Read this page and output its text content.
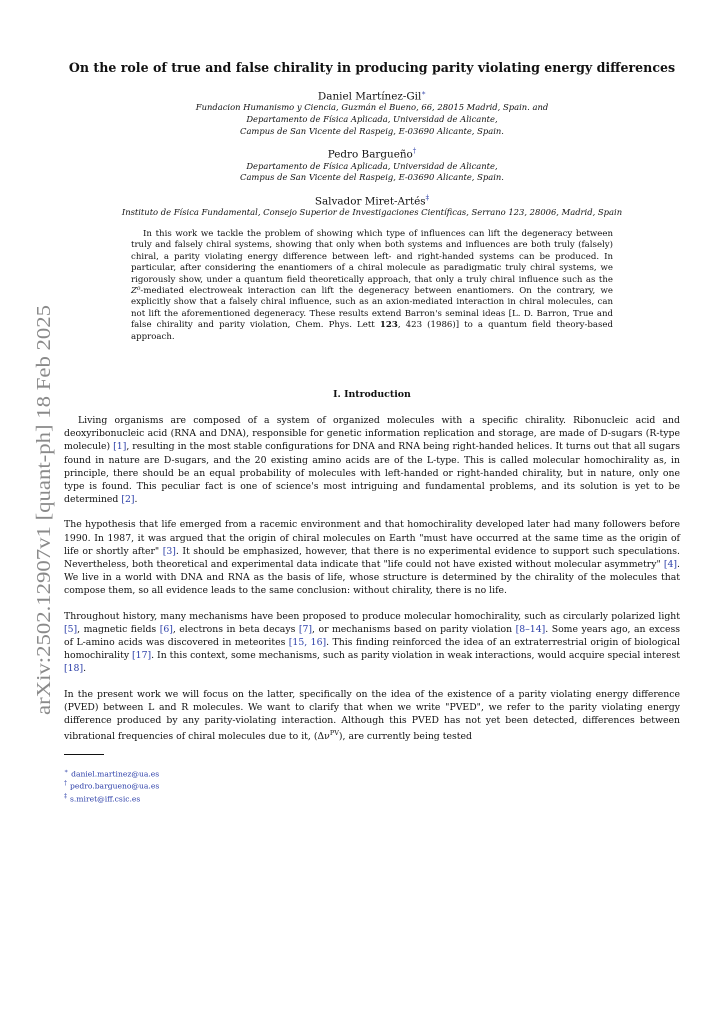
arXiv:2502.12907v1 [quant-ph] 18 Feb 2025
On the role of true and false chirality in producing parity violating energy differences
Daniel Martínez-Gil∗
Fundacion Humanismo y Ciencia, Guzmán el Bueno, 66, 28015 Madrid, Spain. and
Departamento de Física Aplicada, Universidad de Alicante,
Campus de San Vicente del Raspeig, E-03690 Alicante, Spain.
Pedro Bargueño†
Departamento de Física Aplicada, Universidad de Alicante,
Campus de San Vicente del Raspeig, E-03690 Alicante, Spain.
Salvador Miret-Artés‡
Instituto de Física Fundamental, Consejo Superior de Investigaciones Científicas, Serrano 123, 28006, Madrid, Spain
In this work we tackle the problem of showing which type of influences can lift the degeneracy between truly and falsely chiral systems, showing that only when both systems and influences are both truly (falsely) chiral, a parity violating energy difference between left- and right-handed systems can be produced. In particular, after considering the enantiomers of a chiral molecule as paradigmatic truly chiral systems, we rigorously show, under a quantum field theoretically approach, that only a truly chiral influence such as the Z⁰-mediated electroweak interaction can lift the degeneracy between enantiomers. On the contrary, we explicitly show that a falsely chiral influence, such as an axion-mediated interaction in chiral molecules, can not lift the aforementioned degeneracy. These results extend Barron's seminal ideas [L. D. Barron, True and false chirality and parity violation, Chem. Phys. Lett 123, 423 (1986)] to a quantum field theory-based approach.
I. Introduction

Living organisms are composed of a system of organized molecules with a specific chirality. Ribonucleic acid and deoxyribonucleic acid (RNA and DNA), responsible for genetic information replication and storage, are made of D-sugars (R-type molecule) [1], resulting in the most stable configurations for DNA and RNA being right-handed helices. It turns out that all sugars found in nature are D-sugars, and the 20 existing amino acids are of the L-type. This is called molecular homochirality as, in principle, there should be an equal probability of molecules with left-handed or right-handed chirality, but in nature, only one type is found. This peculiar fact is one of science's most intriguing and fundamental problems, and its solution is yet to be determined [2].

The hypothesis that life emerged from a racemic environment and that homochirality developed later had many followers before 1990. In 1987, it was argued that the origin of chiral molecules on Earth "must have occurred at the same time as the origin of life or shortly after" [3]. It should be emphasized, however, that there is no experimental evidence to support such speculations. Nevertheless, both theoretical and experimental data indicate that "life could not have existed without molecular asymmetry" [4]. We live in a world with DNA and RNA as the basis of life, whose structure is determined by the chirality of the molecules that compose them, so all evidence leads to the same conclusion: without chirality, there is no life.

Throughout history, many mechanisms have been proposed to produce molecular homochirality, such as circularly polarized light [5], magnetic fields [6], electrons in beta decays [7], or mechanisms based on parity violation [8–14]. Some years ago, an excess of L-amino acids was discovered in meteorites [15, 16]. This finding reinforced the idea of an extraterrestrial origin of biological homochirality [17]. In this context, some mechanisms, such as parity violation in weak interactions, would acquire special interest [18].

In the present work we will focus on the latter, specifically on the idea of the existence of a parity violating energy difference (PVED) between L and R molecules. We want to clarify that when we write "PVED", we refer to the parity violating energy difference produced by any parity-violating interaction. Although this PVED has not yet been detected, differences between vibrational frequencies of chiral molecules due to it, $(\Delta\nu^{PV})$, are currently being tested

∗ daniel.martinez@ua.es
† pedro.bargueno@ua.es
‡ s.miret@iff.csic.es
